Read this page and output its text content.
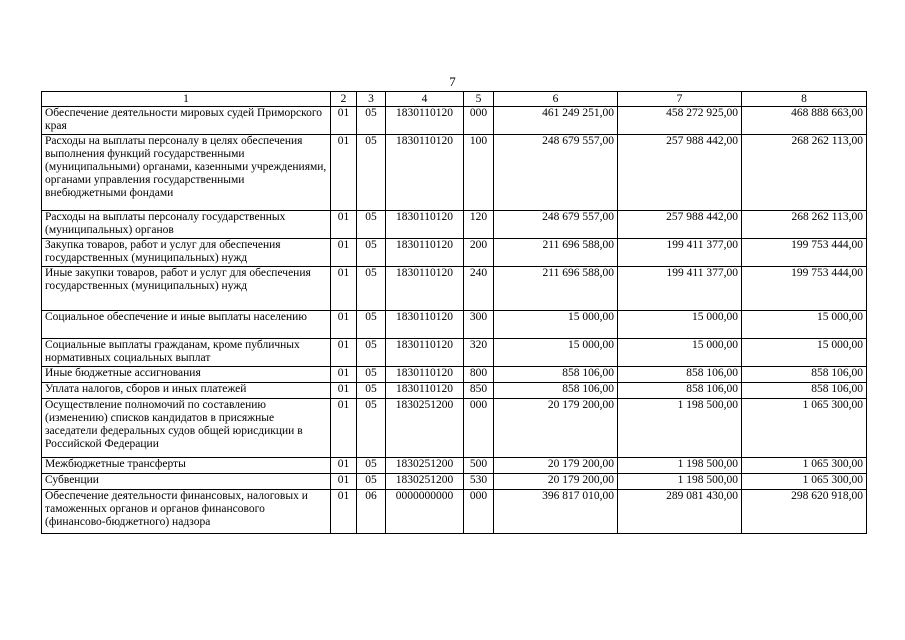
7
1	2	3	4	5	6	7	8
Обеспечение деятельности мировых судей Приморского края	01	05	1830110120	000	461 249 251,00	458 272 925,00	468 888 663,00
Расходы на выплаты персоналу в целях обеспечения выполнения функций государственными (муниципальными) органами, казенными учреждениями, органами управления государственными внебюджетными фондами	01	05	1830110120	100	248 679 557,00	257 988 442,00	268 262 113,00
Расходы на выплаты персоналу государственных (муниципальных) органов	01	05	1830110120	120	248 679 557,00	257 988 442,00	268 262 113,00
Закупка товаров, работ и услуг для обеспечения государственных (муниципальных) нужд	01	05	1830110120	200	211 696 588,00	199 411 377,00	199 753 444,00
Иные закупки товаров, работ и услуг для обеспечения государственных (муниципальных) нужд	01	05	1830110120	240	211 696 588,00	199 411 377,00	199 753 444,00
Социальное обеспечение и иные выплаты населению	01	05	1830110120	300	15 000,00	15 000,00	15 000,00
Социальные выплаты гражданам, кроме публичных нормативных социальных выплат	01	05	1830110120	320	15 000,00	15 000,00	15 000,00
Иные бюджетные ассигнования	01	05	1830110120	800	858 106,00	858 106,00	858 106,00
Уплата налогов, сборов и иных платежей	01	05	1830110120	850	858 106,00	858 106,00	858 106,00
Осуществление полномочий по составлению (изменению) списков кандидатов в присяжные заседатели федеральных судов общей юрисдикции в Российской Федерации	01	05	1830251200	000	20 179 200,00	1 198 500,00	1 065 300,00
Межбюджетные трансферты	01	05	1830251200	500	20 179 200,00	1 198 500,00	1 065 300,00
Субвенции	01	05	1830251200	530	20 179 200,00	1 198 500,00	1 065 300,00
Обеспечение деятельности финансовых, налоговых и таможенных органов и органов финансового (финансово-бюджетного) надзора	01	06	0000000000	000	396 817 010,00	289 081 430,00	298 620 918,00
